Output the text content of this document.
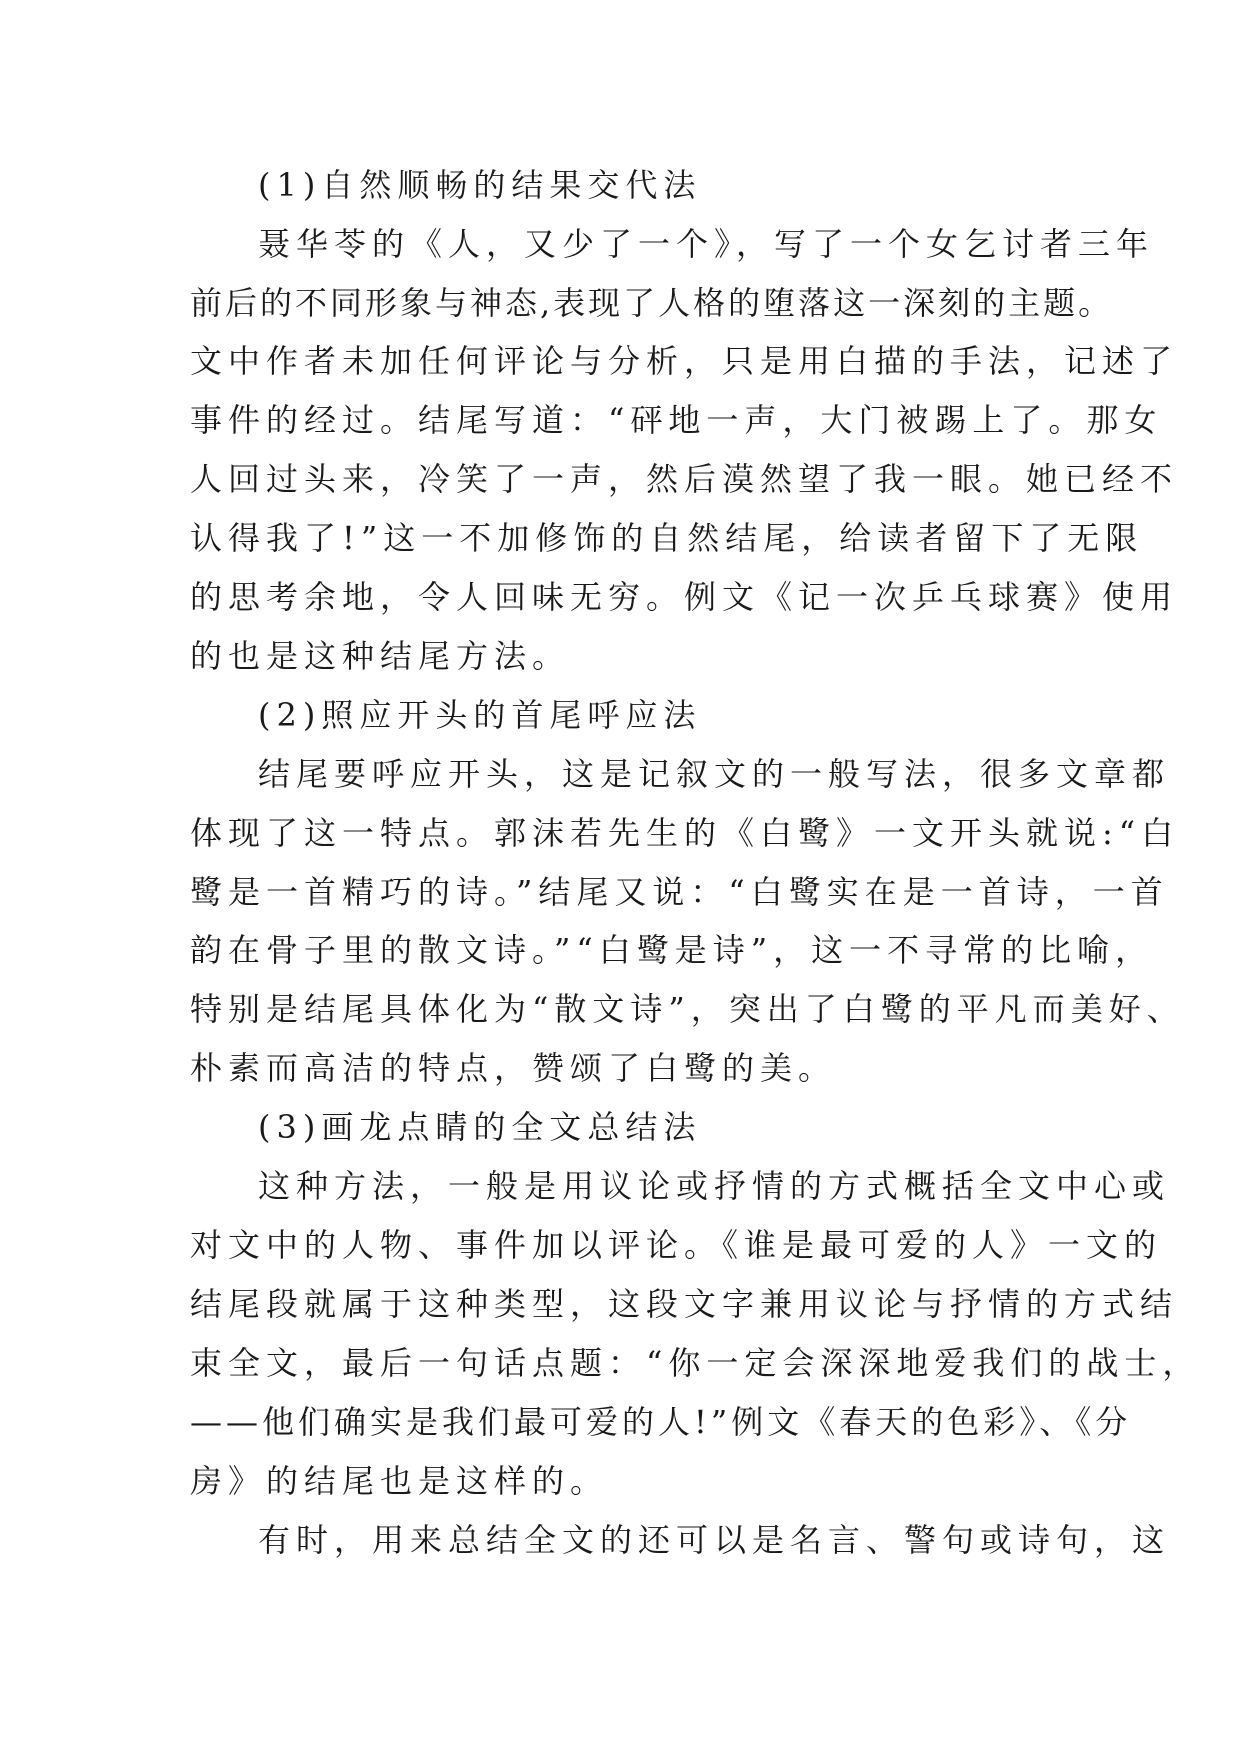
(1)自然顺畅的结果交代法
聂华苓的《人，又少了一个》，写了一个女乞讨者三年
前后的不同形象与神态,表现了人格的堕落这一深刻的主题。
文中作者未加任何评论与分析，只是用白描的手法，记述了
事件的经过。结尾写道：“砰地一声，大门被踢上了。那女
人回过头来，冷笑了一声，然后漠然望了我一眼。她已经不
认得我了!”这一不加修饰的自然结尾，给读者留下了无限
的思考余地，令人回味无穷。例文《记一次乒乓球赛》使用
的也是这种结尾方法。
(2)照应开头的首尾呼应法
结尾要呼应开头，这是记叙文的一般写法，很多文章都
体现了这一特点。郭沫若先生的《白鹭》一文开头就说:“白
鹭是一首精巧的诗。”结尾又说：“白鹭实在是一首诗，一首
韵在骨子里的散文诗。”“白鹭是诗”，这一不寻常的比喻，
特别是结尾具体化为“散文诗”，突出了白鹭的平凡而美好、
朴素而高洁的特点，赞颂了白鹭的美。
(3)画龙点睛的全文总结法
这种方法，一般是用议论或抒情的方式概括全文中心或
对文中的人物、事件加以评论。《谁是最可爱的人》一文的
结尾段就属于这种类型，这段文字兼用议论与抒情的方式结
束全文，最后一句话点题：“你一定会深深地爱我们的战士，
——他们确实是我们最可爱的人!”例文《春天的色彩》、《分
房》的结尾也是这样的。
有时，用来总结全文的还可以是名言、警句或诗句，这
